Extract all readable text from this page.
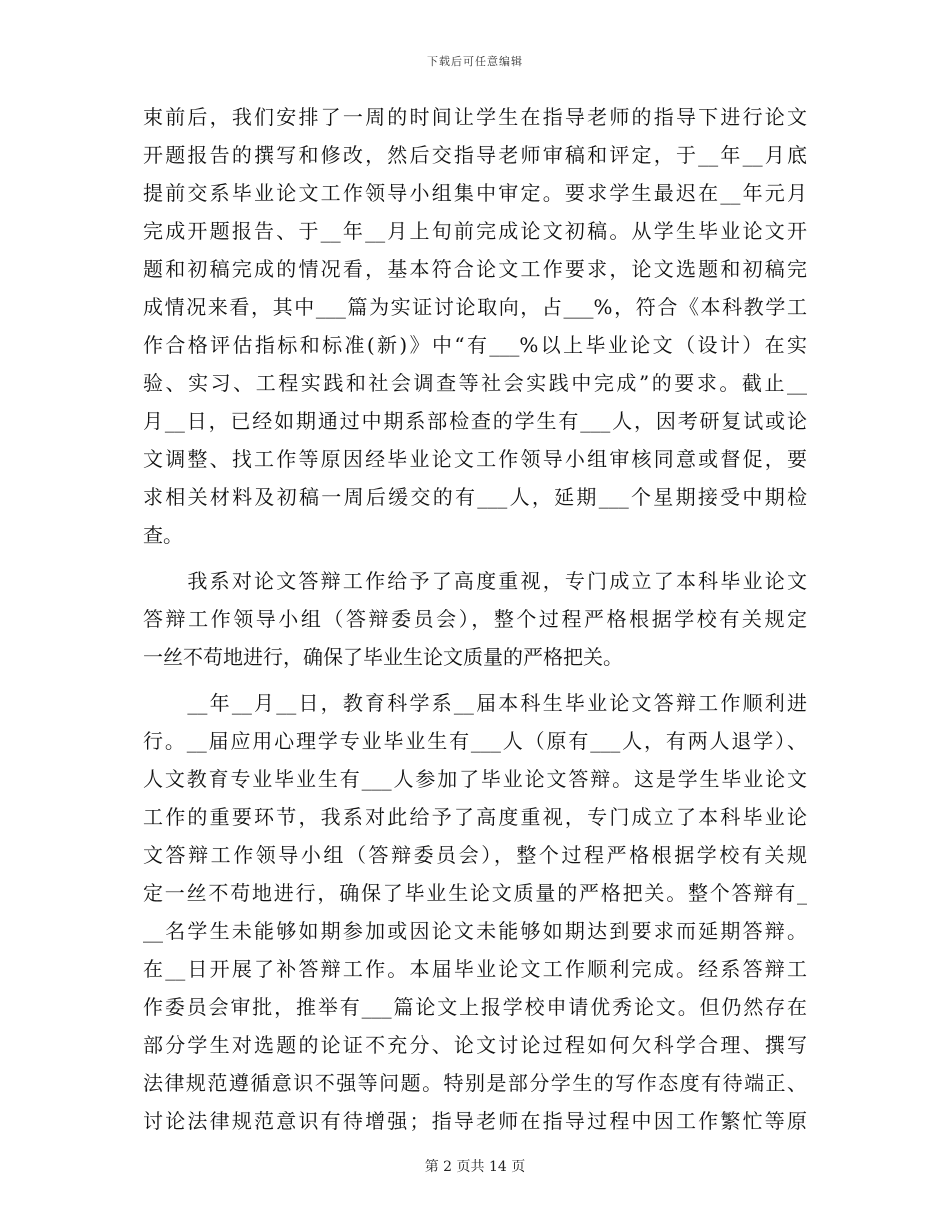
下载后可任意编辑
束前后，我们安排了一周的时间让学生在指导老师的指导下进行论文
开题报告的撰写和修改，然后交指导老师审稿和评定，于__年__月底
提前交系毕业论文工作领导小组集中审定。要求学生最迟在__年元月
完成开题报告、于__年__月上旬前完成论文初稿。从学生毕业论文开
题和初稿完成的情况看，基本符合论文工作要求，论文选题和初稿完
成情况来看，其中___篇为实证讨论取向，占___%，符合《本科教学工
作合格评估指标和标准(新)》中“有___%以上毕业论文（设计）在实
验、实习、工程实践和社会调查等社会实践中完成”的要求。截止__
月__日，已经如期通过中期系部检查的学生有___人，因考研复试或论
文调整、找工作等原因经毕业论文工作领导小组审核同意或督促，要
求相关材料及初稿一周后缓交的有___人，延期___个星期接受中期检
查。
　　我系对论文答辩工作给予了高度重视，专门成立了本科毕业论文
答辩工作领导小组（答辩委员会），整个过程严格根据学校有关规定
一丝不苟地进行，确保了毕业生论文质量的严格把关。
　　__年__月__日，教育科学系__届本科生毕业论文答辩工作顺利进
行。__届应用心理学专业毕业生有___人（原有___人，有两人退学）、
人文教育专业毕业生有___人参加了毕业论文答辩。这是学生毕业论文
工作的重要环节，我系对此给予了高度重视，专门成立了本科毕业论
文答辩工作领导小组（答辩委员会），整个过程严格根据学校有关规
定一丝不苟地进行，确保了毕业生论文质量的严格把关。整个答辩有_
__名学生未能够如期参加或因论文未能够如期达到要求而延期答辩。
在__日开展了补答辩工作。本届毕业论文工作顺利完成。经系答辩工
作委员会审批，推举有___篇论文上报学校申请优秀论文。但仍然存在
部分学生对选题的论证不充分、论文讨论过程如何欠科学合理、撰写
法律规范遵循意识不强等问题。特别是部分学生的写作态度有待端正、
讨论法律规范意识有待增强；指导老师在指导过程中因工作繁忙等原
第 2 页共 14 页
